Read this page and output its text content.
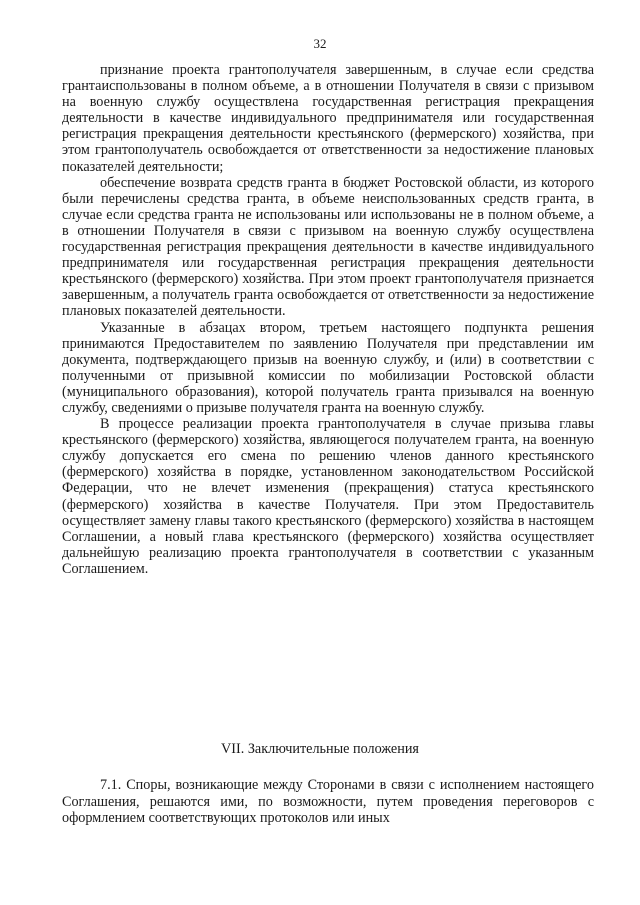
32

признание проекта грантополучателя завершенным, в случае если средства грантаиспользованы в полном объеме, а в отношении Получателя в связи с призывом на военную службу осуществлена государственная регистрация прекращения деятельности в качестве индивидуального предпринимателя или государственная регистрация прекращения деятельности крестьянского (фермерского) хозяйства, при этом грантополучатель освобождается от ответственности за недостижение плановых показателей деятельности;

обеспечение возврата средств гранта в бюджет Ростовской области, из которого были перечислены средства гранта, в объеме неиспользованных средств гранта, в случае если средства гранта не использованы или использованы не в полном объеме, а в отношении Получателя в связи с призывом на военную службу осуществлена государственная регистрация прекращения деятельности в качестве индивидуального предпринимателя или государственная регистрация прекращения деятельности крестьянского (фермерского) хозяйства. При этом проект грантополучателя признается завершенным, а получатель гранта освобождается от ответственности за недостижение плановых показателей деятельности.

Указанные в абзацах втором, третьем настоящего подпункта решения принимаются Предоставителем по заявлению Получателя при представлении им документа, подтверждающего призыв на военную службу, и (или) в соответствии с полученными от призывной комиссии по мобилизации Ростовской области (муниципального образования), которой получатель гранта призывался на военную службу, сведениями о призыве получателя гранта на военную службу.

В процессе реализации проекта грантополучателя в случае призыва главы крестьянского (фермерского) хозяйства, являющегося получателем гранта, на военную службу допускается его смена по решению членов данного крестьянского (фермерского) хозяйства в порядке, установленном законодательством Российской Федерации, что не влечет изменения (прекращения) статуса крестьянского (фермерского) хозяйства в качестве Получателя. При этом Предоставитель осуществляет замену главы такого крестьянского (фермерского) хозяйства в настоящем Соглашении, а новый глава крестьянского (фермерского) хозяйства осуществляет дальнейшую реализацию проекта грантополучателя в соответствии с указанным Соглашением.

VII. Заключительные положения

7.1. Споры, возникающие между Сторонами в связи с исполнением настоящего Соглашения, решаются ими, по возможности, путем проведения переговоров с оформлением соответствующих протоколов или иных
